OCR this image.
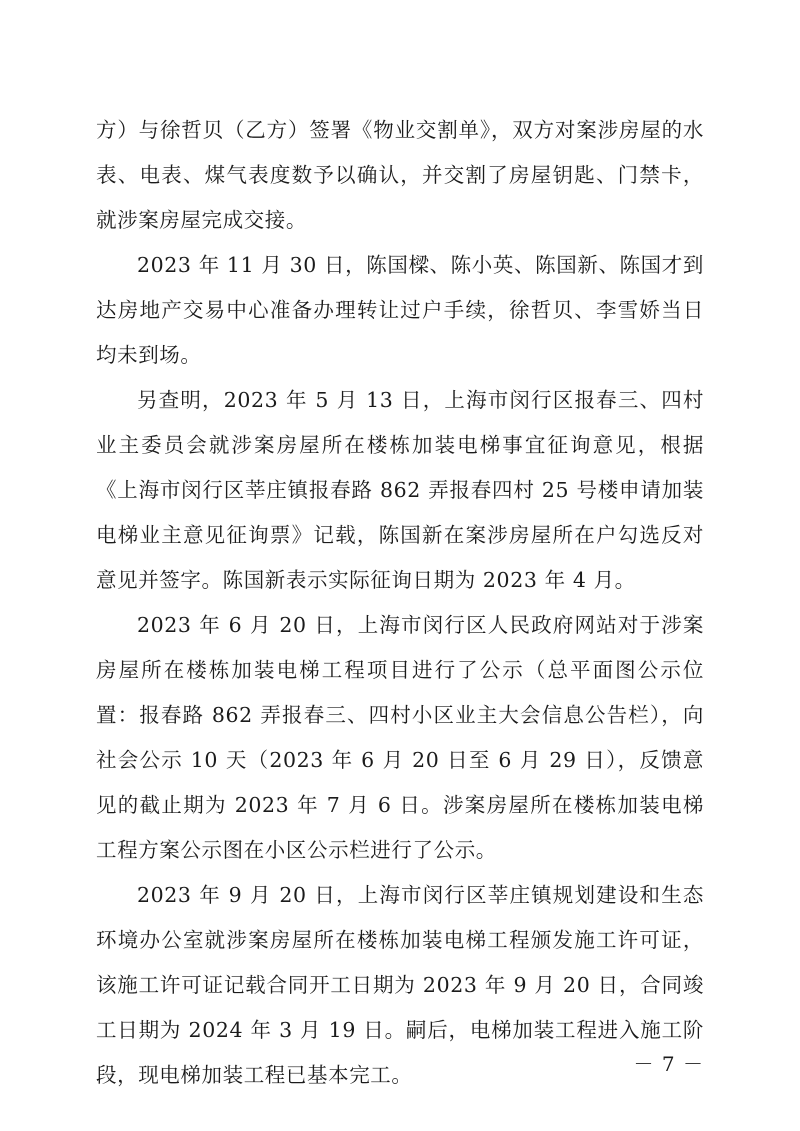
方）与徐哲贝（乙方）签署《物业交割单》，双方对案涉房屋的水表、电表、煤气表度数予以确认，并交割了房屋钥匙、门禁卡，就涉案房屋完成交接。

2023 年 11 月 30 日，陈国樑、陈小英、陈国新、陈国才到达房地产交易中心准备办理转让过户手续，徐哲贝、李雪娇当日均未到场。

另查明，2023 年 5 月 13 日，上海市闵行区报春三、四村业主委员会就涉案房屋所在楼栋加装电梯事宜征询意见，根据《上海市闵行区莘庄镇报春路 862 弄报春四村 25 号楼申请加装电梯业主意见征询票》记载，陈国新在案涉房屋所在户勾选反对意见并签字。陈国新表示实际征询日期为 2023 年 4 月。

2023 年 6 月 20 日，上海市闵行区人民政府网站对于涉案房屋所在楼栋加装电梯工程项目进行了公示（总平面图公示位置：报春路 862 弄报春三、四村小区业主大会信息公告栏），向社会公示 10 天（2023 年 6 月 20 日至 6 月 29 日），反馈意见的截止期为 2023 年 7 月 6 日。涉案房屋所在楼栋加装电梯工程方案公示图在小区公示栏进行了公示。

2023 年 9 月 20 日，上海市闵行区莘庄镇规划建设和生态环境办公室就涉案房屋所在楼栋加装电梯工程颁发施工许可证，该施工许可证记载合同开工日期为 2023 年 9 月 20 日，合同竣工日期为 2024 年 3 月 19 日。嗣后，电梯加装工程进入施工阶段，现电梯加装工程已基本完工。	－ 7 －
